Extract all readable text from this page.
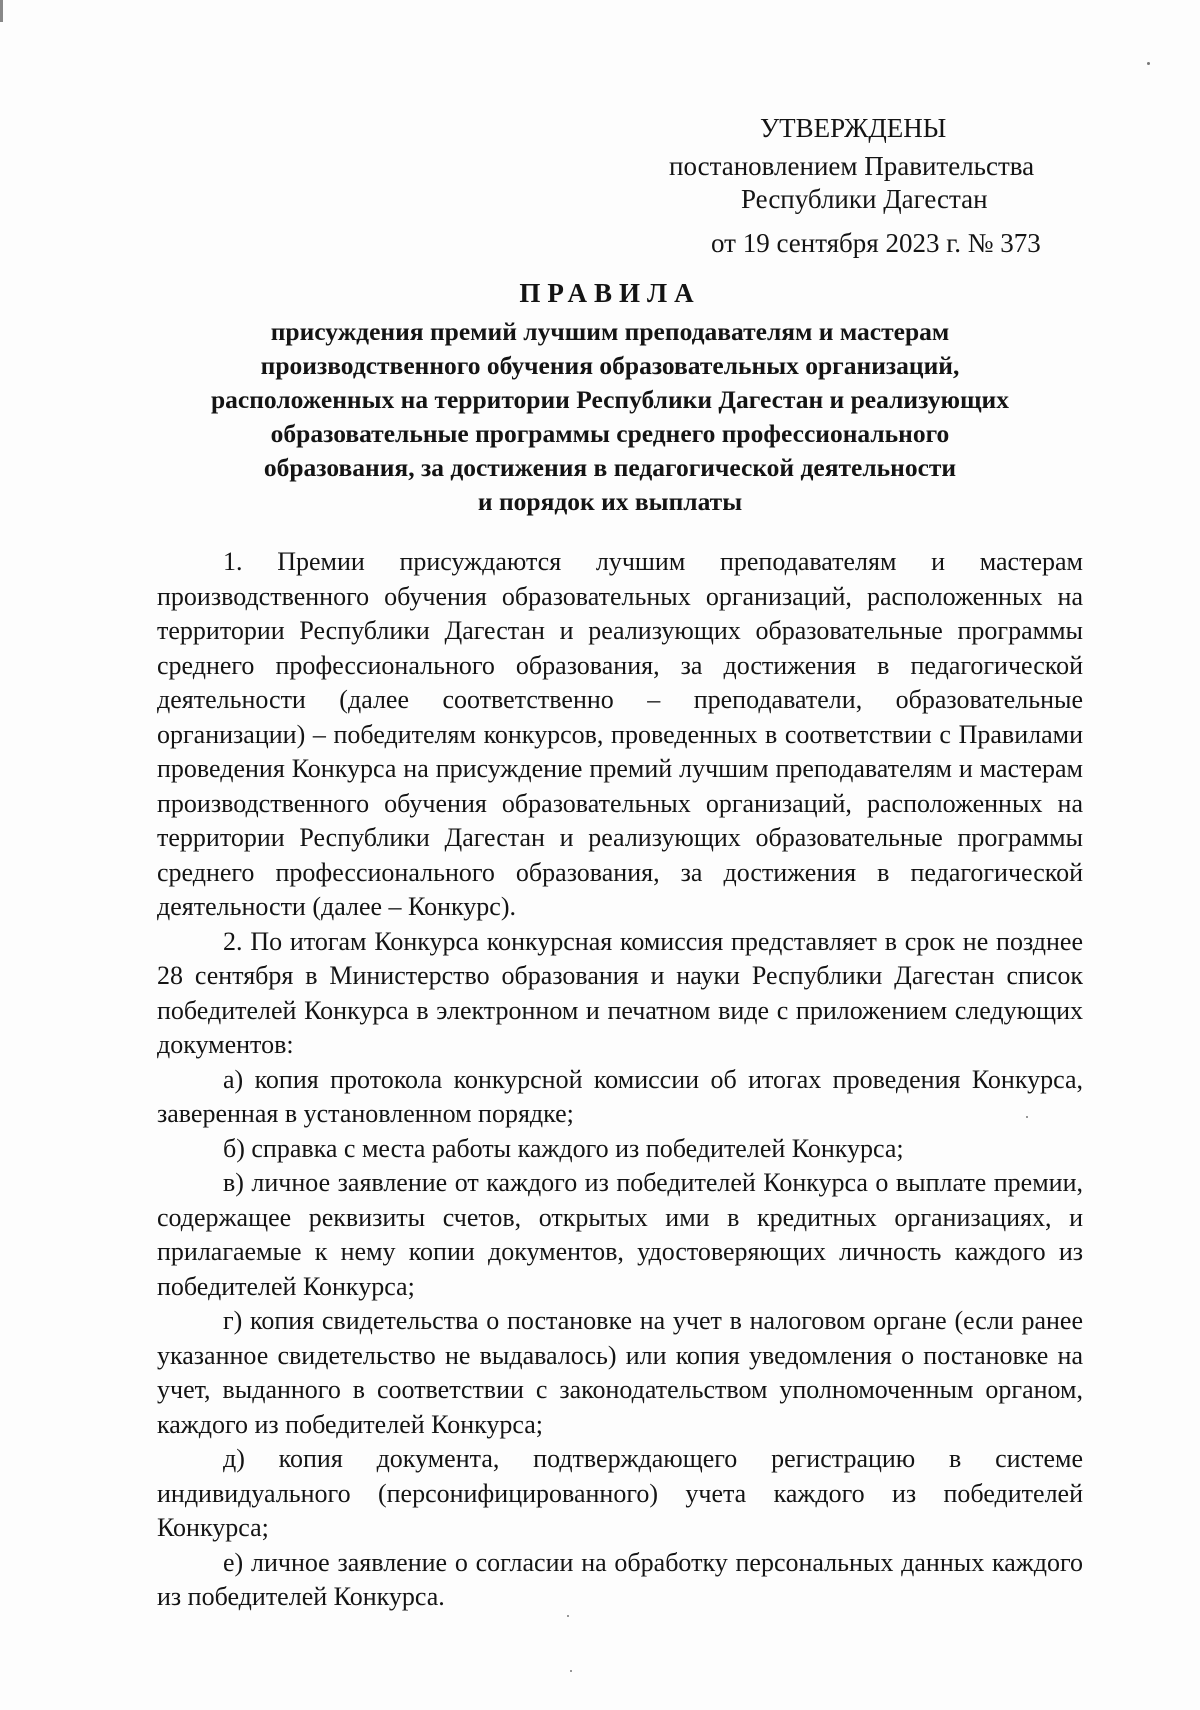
УТВЕРЖДЕНЫ
постановлением Правительства
Республики Дагестан
от 19 сентября 2023 г. № 373
ПРАВИЛА
присуждения премий лучшим преподавателям и мастерам
производственного обучения образовательных организаций,
расположенных на территории Республики Дагестан и реализующих
образовательные программы среднего профессионального
образования, за достижения в педагогической деятельности
и порядок их выплаты

1. Премии присуждаются лучшим преподавателям и мастерам производственного обучения образовательных организаций, расположенных на территории Республики Дагестан и реализующих образовательные программы среднего профессионального образования, за достижения в педагогической деятельности (далее соответственно – преподаватели, образовательные организации) – победителям конкурсов, проведенных в соответствии с Правилами проведения Конкурса на присуждение премий лучшим преподавателям и мастерам производственного обучения образовательных организаций, расположенных на территории Республики Дагестан и реализующих образовательные программы среднего профессионального образования, за достижения в педагогической деятельности (далее – Конкурс).

2. По итогам Конкурса конкурсная комиссия представляет в срок не позднее 28 сентября в Министерство образования и науки Республики Дагестан список победителей Конкурса в электронном и печатном виде с приложением следующих документов:

а) копия протокола конкурсной комиссии об итогах проведения Конкурса, заверенная в установленном порядке;

б) справка с места работы каждого из победителей Конкурса;

в) личное заявление от каждого из победителей Конкурса о выплате премии, содержащее реквизиты счетов, открытых ими в кредитных организациях, и прилагаемые к нему копии документов, удостоверяющих личность каждого из победителей Конкурса;

г) копия свидетельства о постановке на учет в налоговом органе (если ранее указанное свидетельство не выдавалось) или копия уведомления о постановке на учет, выданного в соответствии с законодательством уполномоченным органом, каждого из победителей Конкурса;

д) копия документа, подтверждающего регистрацию в системе индивидуального (персонифицированного) учета каждого из победителей Конкурса;

е) личное заявление о согласии на обработку персональных данных каждого из победителей Конкурса.
